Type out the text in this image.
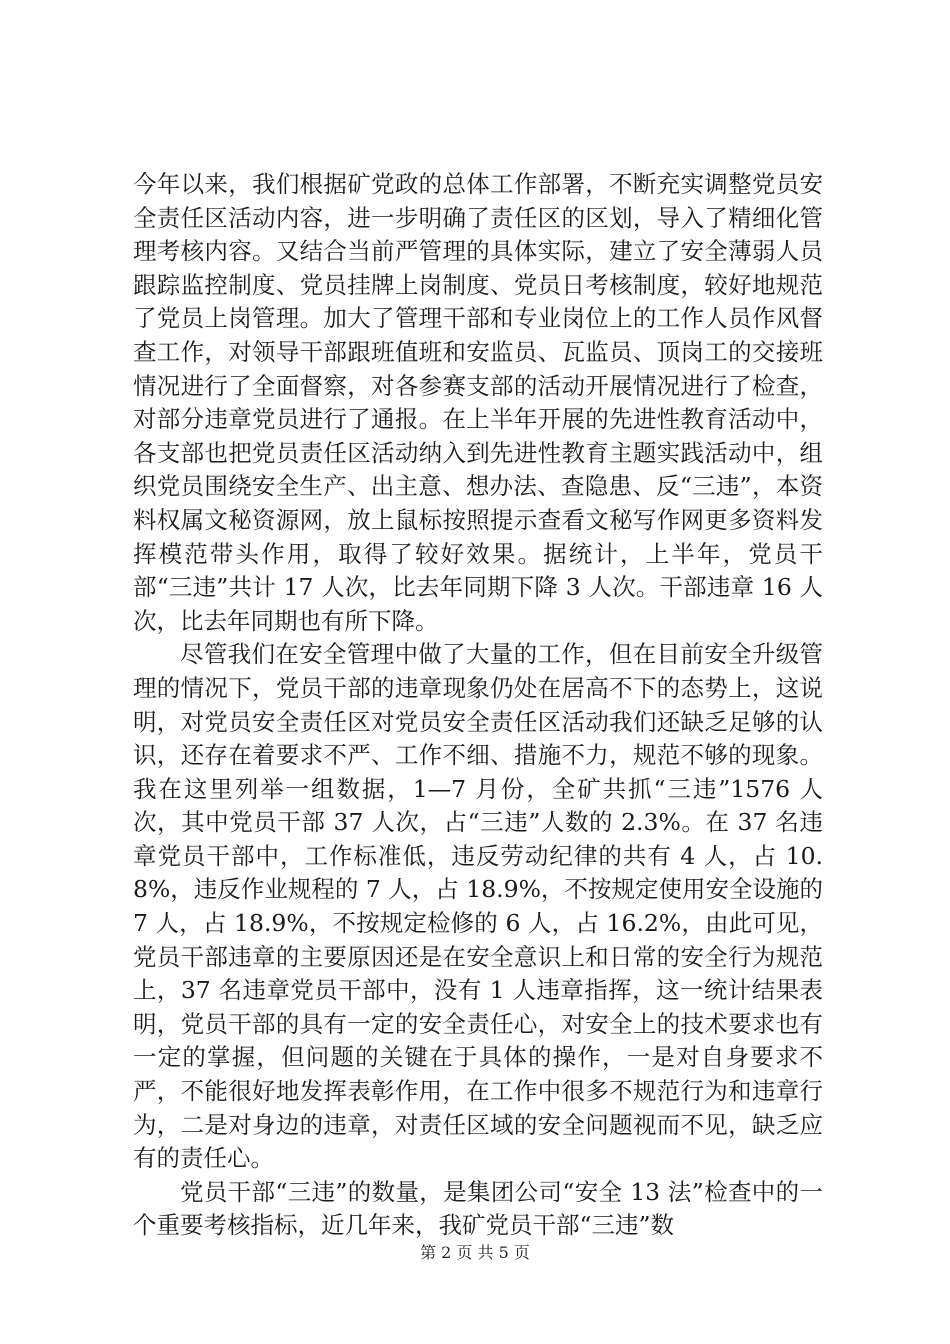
今年以来，我们根据矿党政的总体工作部署，不断充实调整党员安全责任区活动内容，进一步明确了责任区的区划，导入了精细化管理考核内容。又结合当前严管理的具体实际，建立了安全薄弱人员跟踪监控制度、党员挂牌上岗制度、党员日考核制度，较好地规范了党员上岗管理。加大了管理干部和专业岗位上的工作人员作风督查工作，对领导干部跟班值班和安监员、瓦监员、顶岗工的交接班情况进行了全面督察，对各参赛支部的活动开展情况进行了检查，对部分违章党员进行了通报。在上半年开展的先进性教育活动中，各支部也把党员责任区活动纳入到先进性教育主题实践活动中，组织党员围绕安全生产、出主意、想办法、查隐患、反“三违”，本资料权属文秘资源网，放上鼠标按照提示查看文秘写作网更多资料发挥模范带头作用，取得了较好效果。据统计，上半年，党员干部“三违”共计 17 人次，比去年同期下降 3 人次。干部违章 16 人次，比去年同期也有所下降。

尽管我们在安全管理中做了大量的工作，但在目前安全升级管理的情况下，党员干部的违章现象仍处在居高不下的态势上，这说明，对党员安全责任区对党员安全责任区活动我们还缺乏足够的认识，还存在着要求不严、工作不细、措施不力，规范不够的现象。我在这里列举一组数据，1—7 月份，全矿共抓“三违”1576 人次，其中党员干部 37 人次，占“三违”人数的 2.3%。在 37 名违章党员干部中，工作标准低，违反劳动纪律的共有 4 人，占 10.8%，违反作业规程的 7 人，占 18.9%，不按规定使用安全设施的 7 人，占 18.9%，不按规定检修的 6 人，占 16.2%，由此可见，党员干部违章的主要原因还是在安全意识上和日常的安全行为规范上，37 名违章党员干部中，没有 1 人违章指挥，这一统计结果表明，党员干部的具有一定的安全责任心，对安全上的技术要求也有一定的掌握，但问题的关键在于具体的操作，一是对自身要求不严，不能很好地发挥表彰作用，在工作中很多不规范行为和违章行为，二是对身边的违章，对责任区域的安全问题视而不见，缺乏应有的责任心。

党员干部“三违”的数量，是集团公司“安全 13 法”检查中的一个重要考核指标，近几年来，我矿党员干部“三违”数

第 2 页 共 5 页
